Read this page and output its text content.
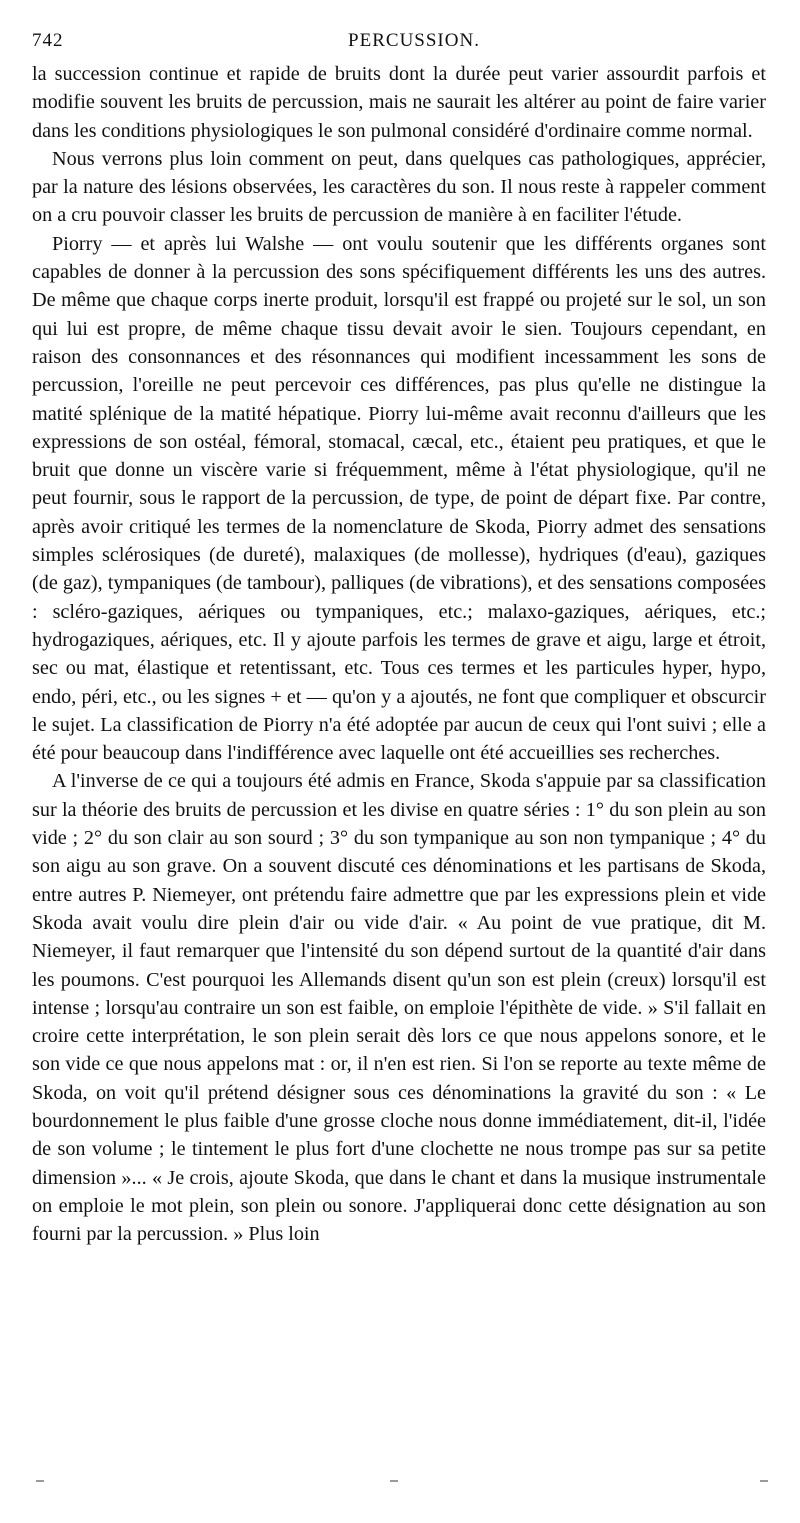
742	PERCUSSION.

la succession continue et rapide de bruits dont la durée peut varier assourdit parfois et modifie souvent les bruits de percussion, mais ne saurait les altérer au point de faire varier dans les conditions physiologiques le son pulmonal considéré d'ordinaire comme normal.

Nous verrons plus loin comment on peut, dans quelques cas pathologiques, apprécier, par la nature des lésions observées, les caractères du son. Il nous reste à rappeler comment on a cru pouvoir classer les bruits de percussion de manière à en faciliter l'étude.

Piorry — et après lui Walshe — ont voulu soutenir que les différents organes sont capables de donner à la percussion des sons spécifiquement différents les uns des autres. De même que chaque corps inerte produit, lorsqu'il est frappé ou projeté sur le sol, un son qui lui est propre, de même chaque tissu devait avoir le sien. Toujours cependant, en raison des consonnances et des résonnances qui modifient incessamment les sons de percussion, l'oreille ne peut percevoir ces différences, pas plus qu'elle ne distingue la matité splénique de la matité hépatique. Piorry lui-même avait reconnu d'ailleurs que les expressions de son ostéal, fémoral, stomacal, cæcal, etc., étaient peu pratiques, et que le bruit que donne un viscère varie si fréquemment, même à l'état physiologique, qu'il ne peut fournir, sous le rapport de la percussion, de type, de point de départ fixe. Par contre, après avoir critiqué les termes de la nomenclature de Skoda, Piorry admet des sensations simples sclérosiques (de dureté), malaxiques (de mollesse), hydriques (d'eau), gaziques (de gaz), tympaniques (de tambour), palliques (de vibrations), et des sensations composées : scléro-gaziques, aériques ou tympaniques, etc.; malaxo-gaziques, aériques, etc.; hydrogaziques, aériques, etc. Il y ajoute parfois les termes de grave et aigu, large et étroit, sec ou mat, élastique et retentissant, etc. Tous ces termes et les particules hyper, hypo, endo, péri, etc., ou les signes + et — qu'on y a ajoutés, ne font que compliquer et obscurcir le sujet. La classification de Piorry n'a été adoptée par aucun de ceux qui l'ont suivi ; elle a été pour beaucoup dans l'indifférence avec laquelle ont été accueillies ses recherches.

A l'inverse de ce qui a toujours été admis en France, Skoda s'appuie par sa classification sur la théorie des bruits de percussion et les divise en quatre séries : 1° du son plein au son vide ; 2° du son clair au son sourd ; 3° du son tympanique au son non tympanique ; 4° du son aigu au son grave. On a souvent discuté ces dénominations et les partisans de Skoda, entre autres P. Niemeyer, ont prétendu faire admettre que par les expressions plein et vide Skoda avait voulu dire plein d'air ou vide d'air. « Au point de vue pratique, dit M. Niemeyer, il faut remarquer que l'intensité du son dépend surtout de la quantité d'air dans les poumons. C'est pourquoi les Allemands disent qu'un son est plein (creux) lorsqu'il est intense ; lorsqu'au contraire un son est faible, on emploie l'épithète de vide. » S'il fallait en croire cette interprétation, le son plein serait dès lors ce que nous appelons sonore, et le son vide ce que nous appelons mat : or, il n'en est rien. Si l'on se reporte au texte même de Skoda, on voit qu'il prétend désigner sous ces dénominations la gravité du son : « Le bourdonnement le plus faible d'une grosse cloche nous donne immédiatement, dit-il, l'idée de son volume ; le tintement le plus fort d'une clochette ne nous trompe pas sur sa petite dimension »... « Je crois, ajoute Skoda, que dans le chant et dans la musique instrumentale on emploie le mot plein, son plein ou sonore. J'appliquerai donc cette désignation au son fourni par la percussion. » Plus loin
